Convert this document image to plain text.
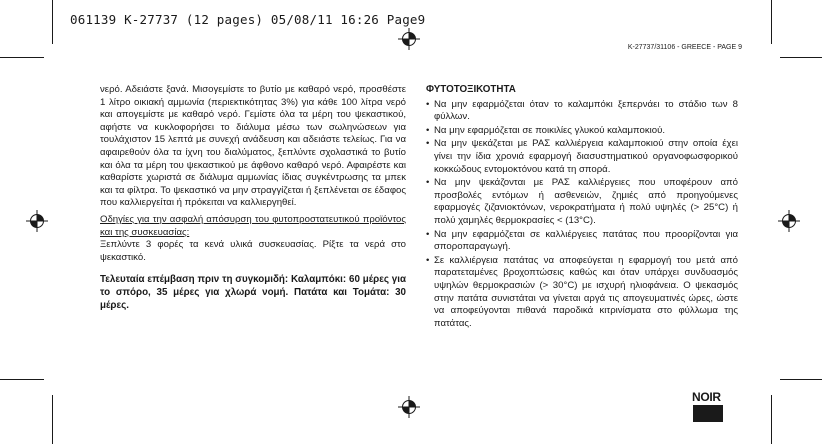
061139 K-27737 (12 pages) 05/08/11 16:26 Page9
K-27737/31106 - GREECE - PAGE 9

νερό. Αδειάστε ξανά. Μισογεμίστε το βυτίο με καθαρό νερό, προσθέστε 1 λίτρο οικιακή αμμωνία (περιεκτικότητας 3%) για κάθε 100 λίτρα νερό και απογεμίστε με καθαρό νερό. Γεμίστε όλα τα μέρη του ψεκαστικού, αφήστε να κυκλοφορήσει το διάλυμα μέσω των σωληνώσεων για τουλάχιστον 15 λεπτά με συνεχή ανάδευση και αδειάστε τελείως. Για να αφαιρεθούν όλα τα ίχνη του διαλύματος, ξεπλύντε σχολαστικά το βυτίο και όλα τα μέρη του ψεκαστικού με άφθονο καθαρό νερό. Αφαιρέστε και καθαρίστε χωριστά σε διάλυμα αμμωνίας ίδιας συγκέντρωσης τα μπεκ και τα φίλτρα. Το ψεκαστικό να μην στραγγίζεται ή ξεπλένεται σε έδαφος που καλλιεργείται ή πρόκειται να καλλιεργηθεί.

Οδηγίες για την ασφαλή απόσυρση του φυτοπροστατευτικού προϊόντος και της συσκευασίας:

Ξεπλύντε 3 φορές τα κενά υλικά συσκευασίας. Ρίξτε τα νερά στο ψεκαστικό.

Τελευταία επέμβαση πριν τη συγκομιδή: Καλαμπόκι: 60 μέρες για το σπόρο, 35 μέρες για χλωρά νομή. Πατάτα και Τομάτα: 30 μέρες.

ΦΥΤΟΤΟΞΙΚΟΤΗΤΑ
• Να μην εφαρμόζεται όταν το καλαμπόκι ξεπερνάει το στάδιο των 8 φύλλων.
• Να μην εφαρμόζεται σε ποικιλίες γλυκού καλαμποκιού.
• Να μην ψεκάζεται με ΡΑΣ καλλιέργεια καλαμποκιού στην οποία έχει γίνει την ίδια χρονιά εφαρμογή διασυστηματικού οργανοφωσφορικού κοκκώδους εντομοκτόνου κατά τη σπορά.
• Να μην ψεκάζονται με ΡΑΣ καλλιέργειες που υποφέρουν από προσβολές εντόμων ή ασθενειών, ζημιές από προηγούμενες εφαρμογές ζιζανιοκτόνων, νεροκρατήματα ή πολύ υψηλές (> 25°C) ή πολύ χαμηλές θερμοκρασίες < (13°C).
• Να μην εφαρμόζεται σε καλλιέργειες πατάτας που προορίζονται για σποροπαραγωγή.
• Σε καλλιέργεια πατάτας να αποφεύγεται η εφαρμογή του μετά από παρατεταμένες βροχοπτώσεις καθώς και όταν υπάρχει συνδυασμός υψηλών θερμοκρασιών (> 30°C) με ισχυρή ηλιοφάνεια. Ο ψεκασμός στην πατάτα συνιστάται να γίνεται αργά τις απογευματινές ώρες, ώστε να αποφεύγονται πιθανά παροδικά κιτρινίσματα στο φύλλωμα της πατάτας.
NOIR
